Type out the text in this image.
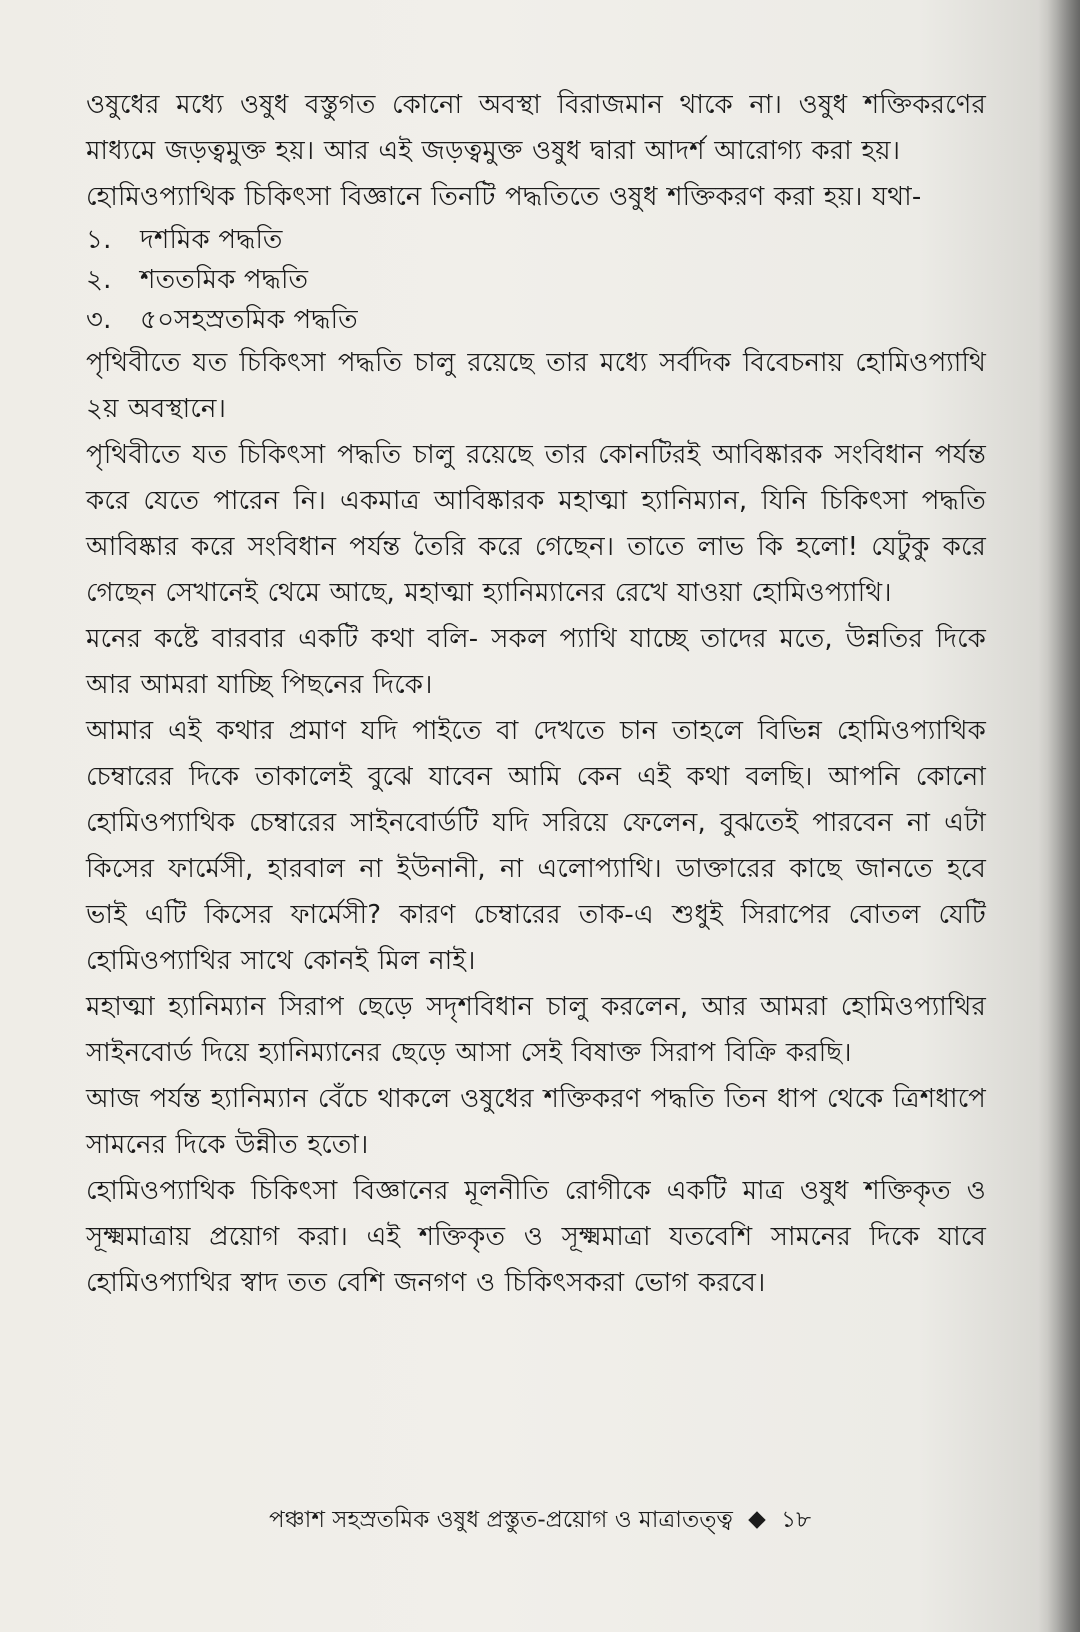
ওষুধের মধ্যে ওষুধ বস্তুগত কোনো অবস্থা বিরাজমান থাকে না। ওষুধ শক্তিকরণের মাধ্যমে জড়ত্বমুক্ত হয়। আর এই জড়ত্বমুক্ত ওষুধ দ্বারা আদর্শ আরোগ্য করা হয়।

হোমিওপ্যাথিক চিকিৎসা বিজ্ঞানে তিনটি পদ্ধতিতে ওষুধ শক্তিকরণ করা হয়। যথা-

১. দশমিক পদ্ধতি
২. শততমিক পদ্ধতি
৩. ৫০সহস্রতমিক পদ্ধতি

পৃথিবীতে যত চিকিৎসা পদ্ধতি চালু রয়েছে তার মধ্যে সর্বদিক বিবেচনায় হোমিওপ্যাথি ২য় অবস্থানে।

পৃথিবীতে যত চিকিৎসা পদ্ধতি চালু রয়েছে তার কোনটিরই আবিষ্কারক সংবিধান পর্যন্ত করে যেতে পারেন নি। একমাত্র আবিষ্কারক মহাত্মা হ্যানিম্যান, যিনি চিকিৎসা পদ্ধতি আবিষ্কার করে সংবিধান পর্যন্ত তৈরি করে গেছেন। তাতে লাভ কি হলো! যেটুকু করে গেছেন সেখানেই থেমে আছে, মহাত্মা হ্যানিম্যানের রেখে যাওয়া হোমিওপ্যাথি।

মনের কষ্টে বারবার একটি কথা বলি- সকল প্যাথি যাচ্ছে তাদের মতে, উন্নতির দিকে আর আমরা যাচ্ছি পিছনের দিকে।

আমার এই কথার প্রমাণ যদি পাইতে বা দেখতে চান তাহলে বিভিন্ন হোমিওপ্যাথিক চেম্বারের দিকে তাকালেই বুঝে যাবেন আমি কেন এই কথা বলছি। আপনি কোনো হোমিওপ্যাথিক চেম্বারের সাইনবোর্ডটি যদি সরিয়ে ফেলেন, বুঝতেই পারবেন না এটা কিসের ফার্মেসী, হারবাল না ইউনানী, না এলোপ্যাথি। ডাক্তারের কাছে জানতে হবে ভাই এটি কিসের ফার্মেসী? কারণ চেম্বারের তাক-এ শুধুই সিরাপের বোতল যেটি হোমিওপ্যাথির সাথে কোনই মিল নাই।

মহাত্মা হ্যানিম্যান সিরাপ ছেড়ে সদৃশবিধান চালু করলেন, আর আমরা হোমিওপ্যাথির সাইনবোর্ড দিয়ে হ্যানিম্যানের ছেড়ে আসা সেই বিষাক্ত সিরাপ বিক্রি করছি।

আজ পর্যন্ত হ্যানিম্যান বেঁচে থাকলে ওষুধের শক্তিকরণ পদ্ধতি তিন ধাপ থেকে ত্রিশধাপে সামনের দিকে উন্নীত হতো।

হোমিওপ্যাথিক চিকিৎসা বিজ্ঞানের মূলনীতি রোগীকে একটি মাত্র ওষুধ শক্তিকৃত ও সূক্ষ্মমাত্রায় প্রয়োগ করা। এই শক্তিকৃত ও সূক্ষ্মমাত্রা যতবেশি সামনের দিকে যাবে হোমিওপ্যাথির স্বাদ তত বেশি জনগণ ও চিকিৎসকরা ভোগ করবে।

পঞ্চাশ সহস্রতমিক ওষুধ প্রস্তুত-প্রয়োগ ও মাত্রাতত্ত্ব ◆ ১৮
